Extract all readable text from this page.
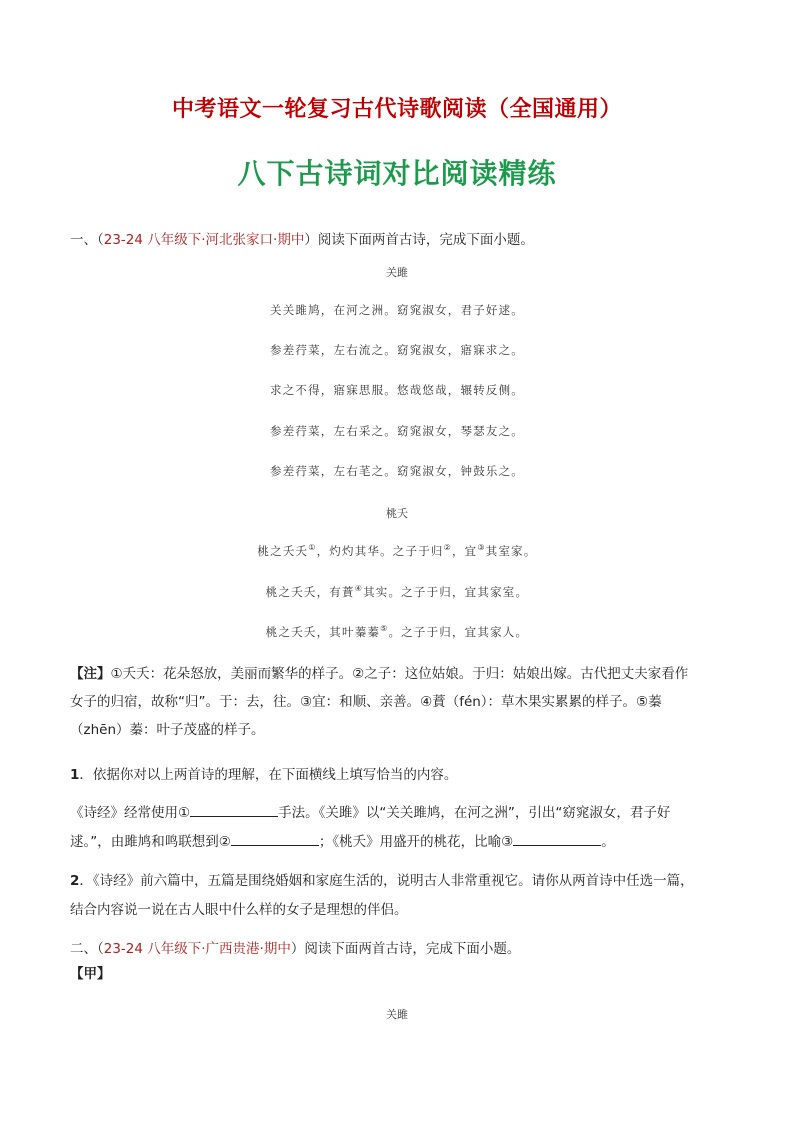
中考语文一轮复习古代诗歌阅读（全国通用）
八下古诗词对比阅读精练
一、（23-24 八年级下·河北张家口·期中）阅读下面两首古诗，完成下面小题。
关雎
关关雎鸠，在河之洲。窈窕淑女，君子好逑。
参差荇菜，左右流之。窈窕淑女，寤寐求之。
求之不得，寤寐思服。悠哉悠哉，辗转反侧。
参差荇菜，左右采之。窈窕淑女，琴瑟友之。
参差荇菜，左右芼之。窈窕淑女，钟鼓乐之。
桃夭
桃之夭夭①，灼灼其华。之子于归②，宜③其室家。
桃之夭夭，有蕡④其实。之子于归，宜其家室。
桃之夭夭，其叶蓁蓁⑤。之子于归，宜其家人。
【注】①夭夭：花朵怒放，美丽而繁华的样子。②之子：这位姑娘。于归：姑娘出嫁。古代把丈夫家看作
女子的归宿，故称“归”。于：去，往。③宜：和顺、亲善。④蕡（fén）：草木果实累累的样子。⑤蓁
（zhēn）蓁：叶子茂盛的样子。
1．依据你对以上两首诗的理解，在下面横线上填写恰当的内容。
《诗经》经常使用①	手法。《关雎》以“关关雎鸠，在河之洲”，引出“窈窕淑女，君子好
逑。”，由雎鸠和鸣联想到②	；《桃夭》用盛开的桃花，比喻③	。
2．《诗经》前六篇中，五篇是围绕婚姻和家庭生活的，说明古人非常重视它。请你从两首诗中任选一篇，
结合内容说一说在古人眼中什么样的女子是理想的伴侣。
二、（23-24 八年级下·广西贵港·期中）阅读下面两首古诗，完成下面小题。
【甲】
关雎
